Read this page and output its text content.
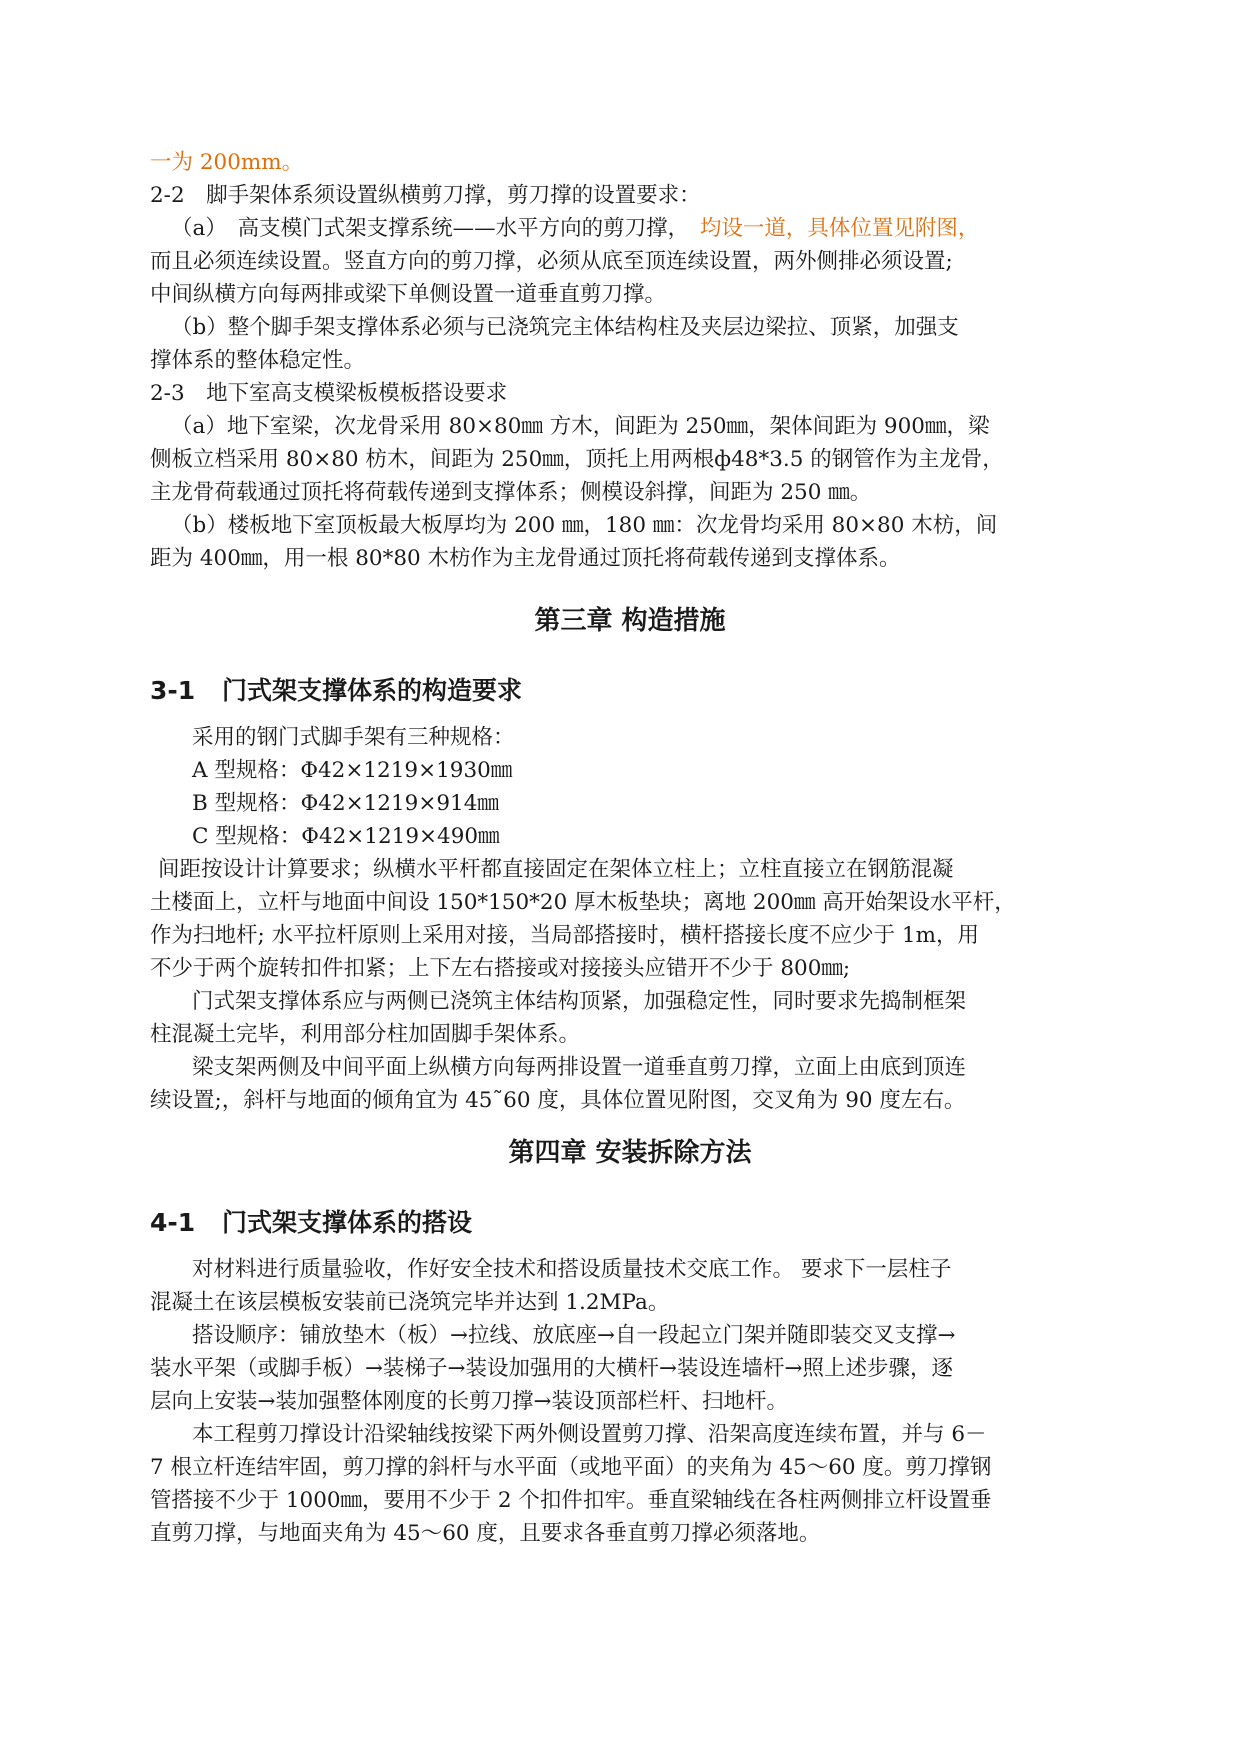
一为 200mm。
2-2　脚手架体系须设置纵横剪刀撑，剪刀撑的设置要求：
（a）　高支模门式架支撑系统——水平方向的剪刀撑，　均设一道，具体位置见附图，
而且必须连续设置。竖直方向的剪刀撑，必须从底至顶连续设置，两外侧排必须设置;
中间纵横方向每两排或梁下单侧设置一道垂直剪刀撑。
（b）整个脚手架支撑体系必须与已浇筑完主体结构柱及夹层边梁拉、顶紧，加强支
撑体系的整体稳定性。
2-3　地下室高支模梁板模板搭设要求
（a）地下室梁，次龙骨采用 80×80㎜ 方木，间距为 250㎜，架体间距为 900㎜，梁
侧板立档采用 80×80 枋木，间距为 250㎜，顶托上用两根ф48*3.5 的钢管作为主龙骨，
主龙骨荷载通过顶托将荷载传递到支撑体系；侧模设斜撑，间距为 250 ㎜。
（b）楼板地下室顶板最大板厚均为 200 ㎜，180 ㎜：次龙骨均采用 80×80 木枋，间
距为 400㎜，用一根 80*80 木枋作为主龙骨通过顶托将荷载传递到支撑体系。
第三章 构造措施
3-1 门式架支撑体系的构造要求
采用的钢门式脚手架有三种规格：
A 型规格：Φ42×1219×1930㎜
B 型规格：Φ42×1219×914㎜
C 型规格：Φ42×1219×490㎜
间距按设计计算要求；纵横水平杆都直接固定在架体立柱上；立柱直接立在钢筋混凝
土楼面上，立杆与地面中间设 150*150*20 厚木板垫块；离地 200㎜ 高开始架设水平杆，
作为扫地杆; 水平拉杆原则上采用对接，当局部搭接时，横杆搭接长度不应少于 1m，用
不少于两个旋转扣件扣紧；上下左右搭接或对接接头应错开不少于 800㎜;
门式架支撑体系应与两侧已浇筑主体结构顶紧，加强稳定性，同时要求先捣制框架
柱混凝土完毕，利用部分柱加固脚手架体系。
梁支架两侧及中间平面上纵横方向每两排设置一道垂直剪刀撑，立面上由底到顶连
续设置;，斜杆与地面的倾角宜为 45˜60 度，具体位置见附图，交叉角为 90 度左右。
第四章 安装拆除方法
4-1 门式架支撑体系的搭设
对材料进行质量验收，作好安全技术和搭设质量技术交底工作。 要求下一层柱子
混凝土在该层模板安装前已浇筑完毕并达到 1.2MPa。
搭设顺序：铺放垫木（板）→拉线、放底座→自一段起立门架并随即装交叉支撑→
装水平架（或脚手板）→装梯子→装设加强用的大横杆→装设连墙杆→照上述步骤，逐
层向上安装→装加强整体刚度的长剪刀撑→装设顶部栏杆、扫地杆。
本工程剪刀撑设计沿梁轴线按梁下两外侧设置剪刀撑、沿架高度连续布置，并与 6－
7 根立杆连结牢固，剪刀撑的斜杆与水平面（或地平面）的夹角为 45～60 度。剪刀撑钢
管搭接不少于 1000㎜，要用不少于 2 个扣件扣牢。垂直梁轴线在各柱两侧排立杆设置垂
直剪刀撑，与地面夹角为 45～60 度，且要求各垂直剪刀撑必须落地。
